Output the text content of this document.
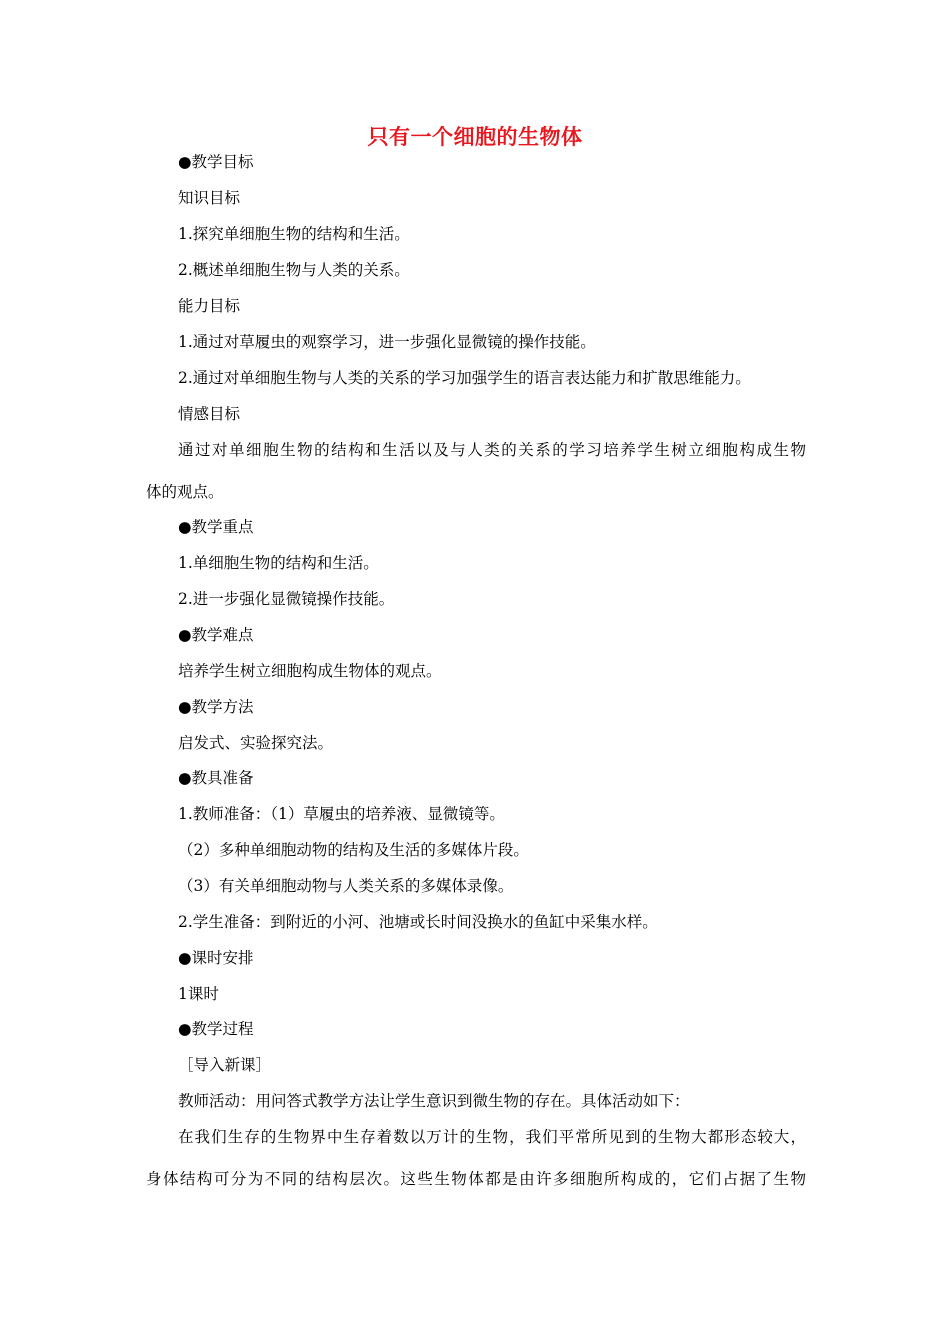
只有一个细胞的生物体
●教学目标
知识目标
1.探究单细胞生物的结构和生活。
2.概述单细胞生物与人类的关系。
能力目标
1.通过对草履虫的观察学习，进一步强化显微镜的操作技能。
2.通过对单细胞生物与人类的关系的学习加强学生的语言表达能力和扩散思维能力。
情感目标
通过对单细胞生物的结构和生活以及与人类的关系的学习培养学生树立细胞构成生物
体的观点。
●教学重点
1.单细胞生物的结构和生活。
2.进一步强化显微镜操作技能。
●教学难点
培养学生树立细胞构成生物体的观点。
●教学方法
启发式、实验探究法。
●教具准备
1.教师准备：（1）草履虫的培养液、显微镜等。
（2）多种单细胞动物的结构及生活的多媒体片段。
（3）有关单细胞动物与人类关系的多媒体录像。
2.学生准备：到附近的小河、池塘或长时间没换水的鱼缸中采集水样。
●课时安排
1课时
●教学过程
［导入新课］
教师活动：用问答式教学方法让学生意识到微生物的存在。具体活动如下：
在我们生存的生物界中生存着数以万计的生物，我们平常所见到的生物大都形态较大，
身体结构可分为不同的结构层次。这些生物体都是由许多细胞所构成的，它们占据了生物
